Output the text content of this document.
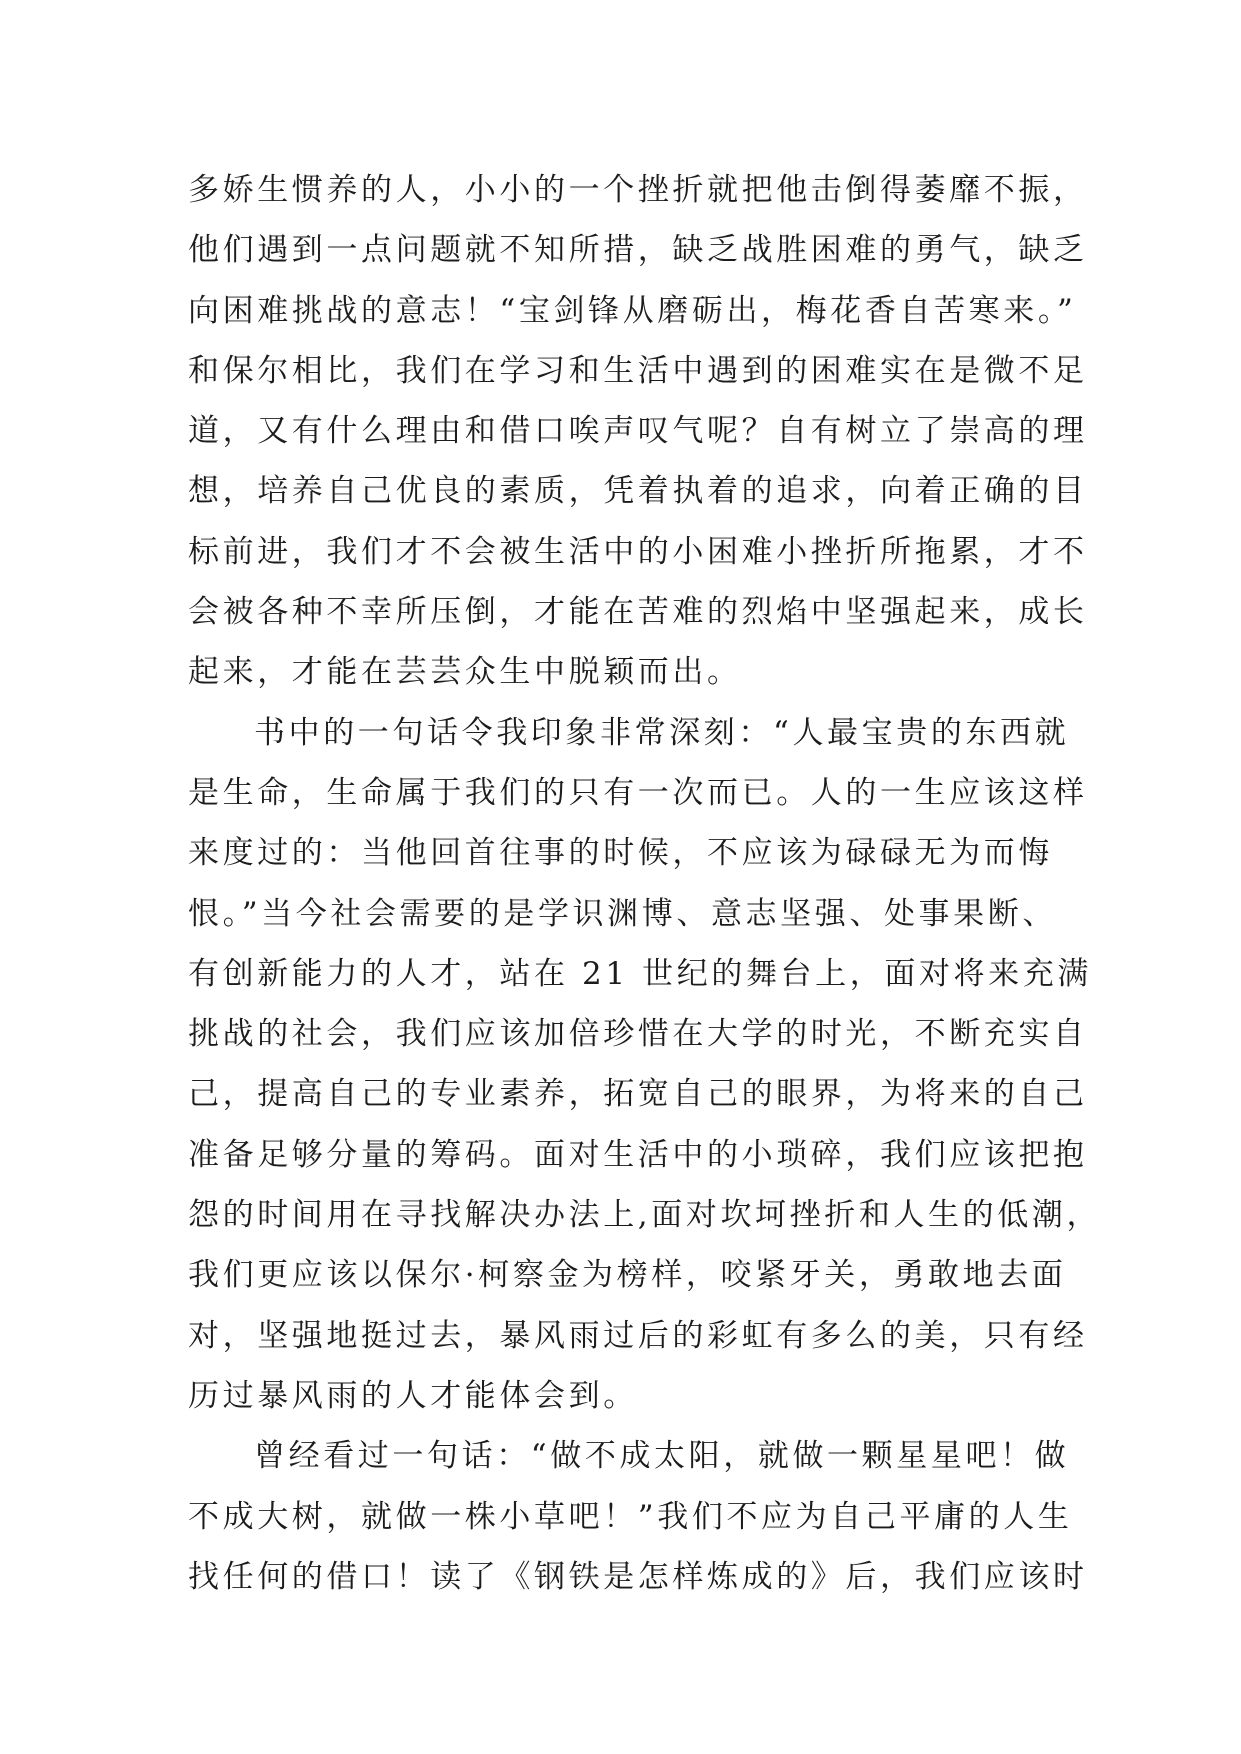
多娇生惯养的人，小小的一个挫折就把他击倒得萎靡不振，
他们遇到一点问题就不知所措，缺乏战胜困难的勇气，缺乏
向困难挑战的意志！“宝剑锋从磨砺出，梅花香自苦寒来。”
和保尔相比，我们在学习和生活中遇到的困难实在是微不足
道，又有什么理由和借口唉声叹气呢？自有树立了崇高的理
想，培养自己优良的素质，凭着执着的追求，向着正确的目
标前进，我们才不会被生活中的小困难小挫折所拖累，才不
会被各种不幸所压倒，才能在苦难的烈焰中坚强起来，成长
起来，才能在芸芸众生中脱颖而出。
书中的一句话令我印象非常深刻：“人最宝贵的东西就
是生命，生命属于我们的只有一次而已。人的一生应该这样
来度过的：当他回首往事的时候，不应该为碌碌无为而悔
恨。”当今社会需要的是学识渊博、意志坚强、处事果断、
有创新能力的人才，站在 21 世纪的舞台上，面对将来充满
挑战的社会，我们应该加倍珍惜在大学的时光，不断充实自
己，提高自己的专业素养，拓宽自己的眼界，为将来的自己
准备足够分量的筹码。面对生活中的小琐碎，我们应该把抱
怨的时间用在寻找解决办法上,面对坎坷挫折和人生的低潮，
我们更应该以保尔·柯察金为榜样，咬紧牙关，勇敢地去面
对，坚强地挺过去，暴风雨过后的彩虹有多么的美，只有经
历过暴风雨的人才能体会到。
曾经看过一句话：“做不成太阳，就做一颗星星吧！做
不成大树，就做一株小草吧！”我们不应为自己平庸的人生
找任何的借口！读了《钢铁是怎样炼成的》后，我们应该时
